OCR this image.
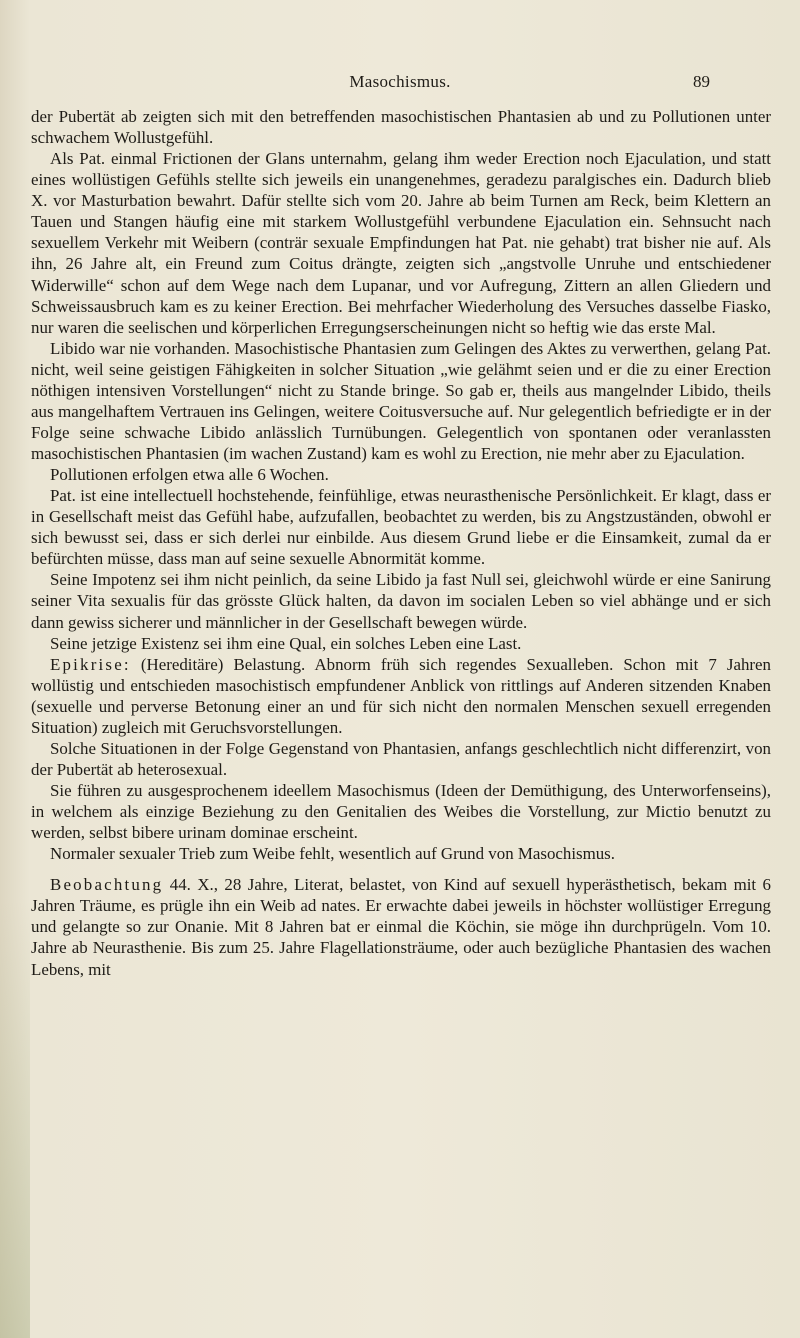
Masochismus.	89

der Pubertät ab zeigten sich mit den betreffenden masochistischen Phantasien ab und zu Pollutionen unter schwachem Wollustgefühl.

Als Pat. einmal Frictionen der Glans unternahm, gelang ihm weder Erection noch Ejaculation, und statt eines wollüstigen Gefühls stellte sich jeweils ein unangenehmes, geradezu paralgisches ein. Dadurch blieb X. vor Masturbation bewahrt. Dafür stellte sich vom 20. Jahre ab beim Turnen am Reck, beim Klettern an Tauen und Stangen häufig eine mit starkem Wollustgefühl verbundene Ejaculation ein. Sehnsucht nach sexuellem Verkehr mit Weibern (conträr sexuale Empfindungen hat Pat. nie gehabt) trat bisher nie auf. Als ihn, 26 Jahre alt, ein Freund zum Coitus drängte, zeigten sich „angstvolle Unruhe und entschiedener Widerwille“ schon auf dem Wege nach dem Lupanar, und vor Aufregung, Zittern an allen Gliedern und Schweissausbruch kam es zu keiner Erection. Bei mehrfacher Wiederholung des Versuches dasselbe Fiasko, nur waren die seelischen und körperlichen Erregungserscheinungen nicht so heftig wie das erste Mal.

Libido war nie vorhanden. Masochistische Phantasien zum Gelingen des Aktes zu verwerthen, gelang Pat. nicht, weil seine geistigen Fähigkeiten in solcher Situation „wie gelähmt seien und er die zu einer Erection nöthigen intensiven Vorstellungen“ nicht zu Stande bringe. So gab er, theils aus mangelnder Libido, theils aus mangelhaftem Vertrauen ins Gelingen, weitere Coitusversuche auf. Nur gelegentlich befriedigte er in der Folge seine schwache Libido anlässlich Turnübungen. Gelegentlich von spontanen oder veranlassten masochistischen Phantasien (im wachen Zustand) kam es wohl zu Erection, nie mehr aber zu Ejaculation.

Pollutionen erfolgen etwa alle 6 Wochen.

Pat. ist eine intellectuell hochstehende, feinfühlige, etwas neurasthenische Persönlichkeit. Er klagt, dass er in Gesellschaft meist das Gefühl habe, aufzufallen, beobachtet zu werden, bis zu Angstzuständen, obwohl er sich bewusst sei, dass er sich derlei nur einbilde. Aus diesem Grund liebe er die Einsamkeit, zumal da er befürchten müsse, dass man auf seine sexuelle Abnormität komme.

Seine Impotenz sei ihm nicht peinlich, da seine Libido ja fast Null sei, gleichwohl würde er eine Sanirung seiner Vita sexualis für das grösste Glück halten, da davon im socialen Leben so viel abhänge und er sich dann gewiss sicherer und männlicher in der Gesellschaft bewegen würde.

Seine jetzige Existenz sei ihm eine Qual, ein solches Leben eine Last.

Epikrise: (Hereditäre) Belastung. Abnorm früh sich regendes Sexualleben. Schon mit 7 Jahren wollüstig und entschieden masochistisch empfundener Anblick von rittlings auf Anderen sitzenden Knaben (sexuelle und perverse Betonung einer an und für sich nicht den normalen Menschen sexuell erregenden Situation) zugleich mit Geruchsvorstellungen.

Solche Situationen in der Folge Gegenstand von Phantasien, anfangs geschlechtlich nicht differenzirt, von der Pubertät ab heterosexual.

Sie führen zu ausgesprochenem ideellem Masochismus (Ideen der Demüthigung, des Unterworfenseins), in welchem als einzige Beziehung zu den Genitalien des Weibes die Vorstellung, zur Mictio benutzt zu werden, selbst bibere urinam dominae erscheint.

Normaler sexualer Trieb zum Weibe fehlt, wesentlich auf Grund von Masochismus.

Beobachtung 44. X., 28 Jahre, Literat, belastet, von Kind auf sexuell hyperästhetisch, bekam mit 6 Jahren Träume, es prügle ihn ein Weib ad nates. Er erwachte dabei jeweils in höchster wollüstiger Erregung und gelangte so zur Onanie. Mit 8 Jahren bat er einmal die Köchin, sie möge ihn durchprügeln. Vom 10. Jahre ab Neurasthenie. Bis zum 25. Jahre Flagellationsträume, oder auch bezügliche Phantasien des wachen Lebens, mit
